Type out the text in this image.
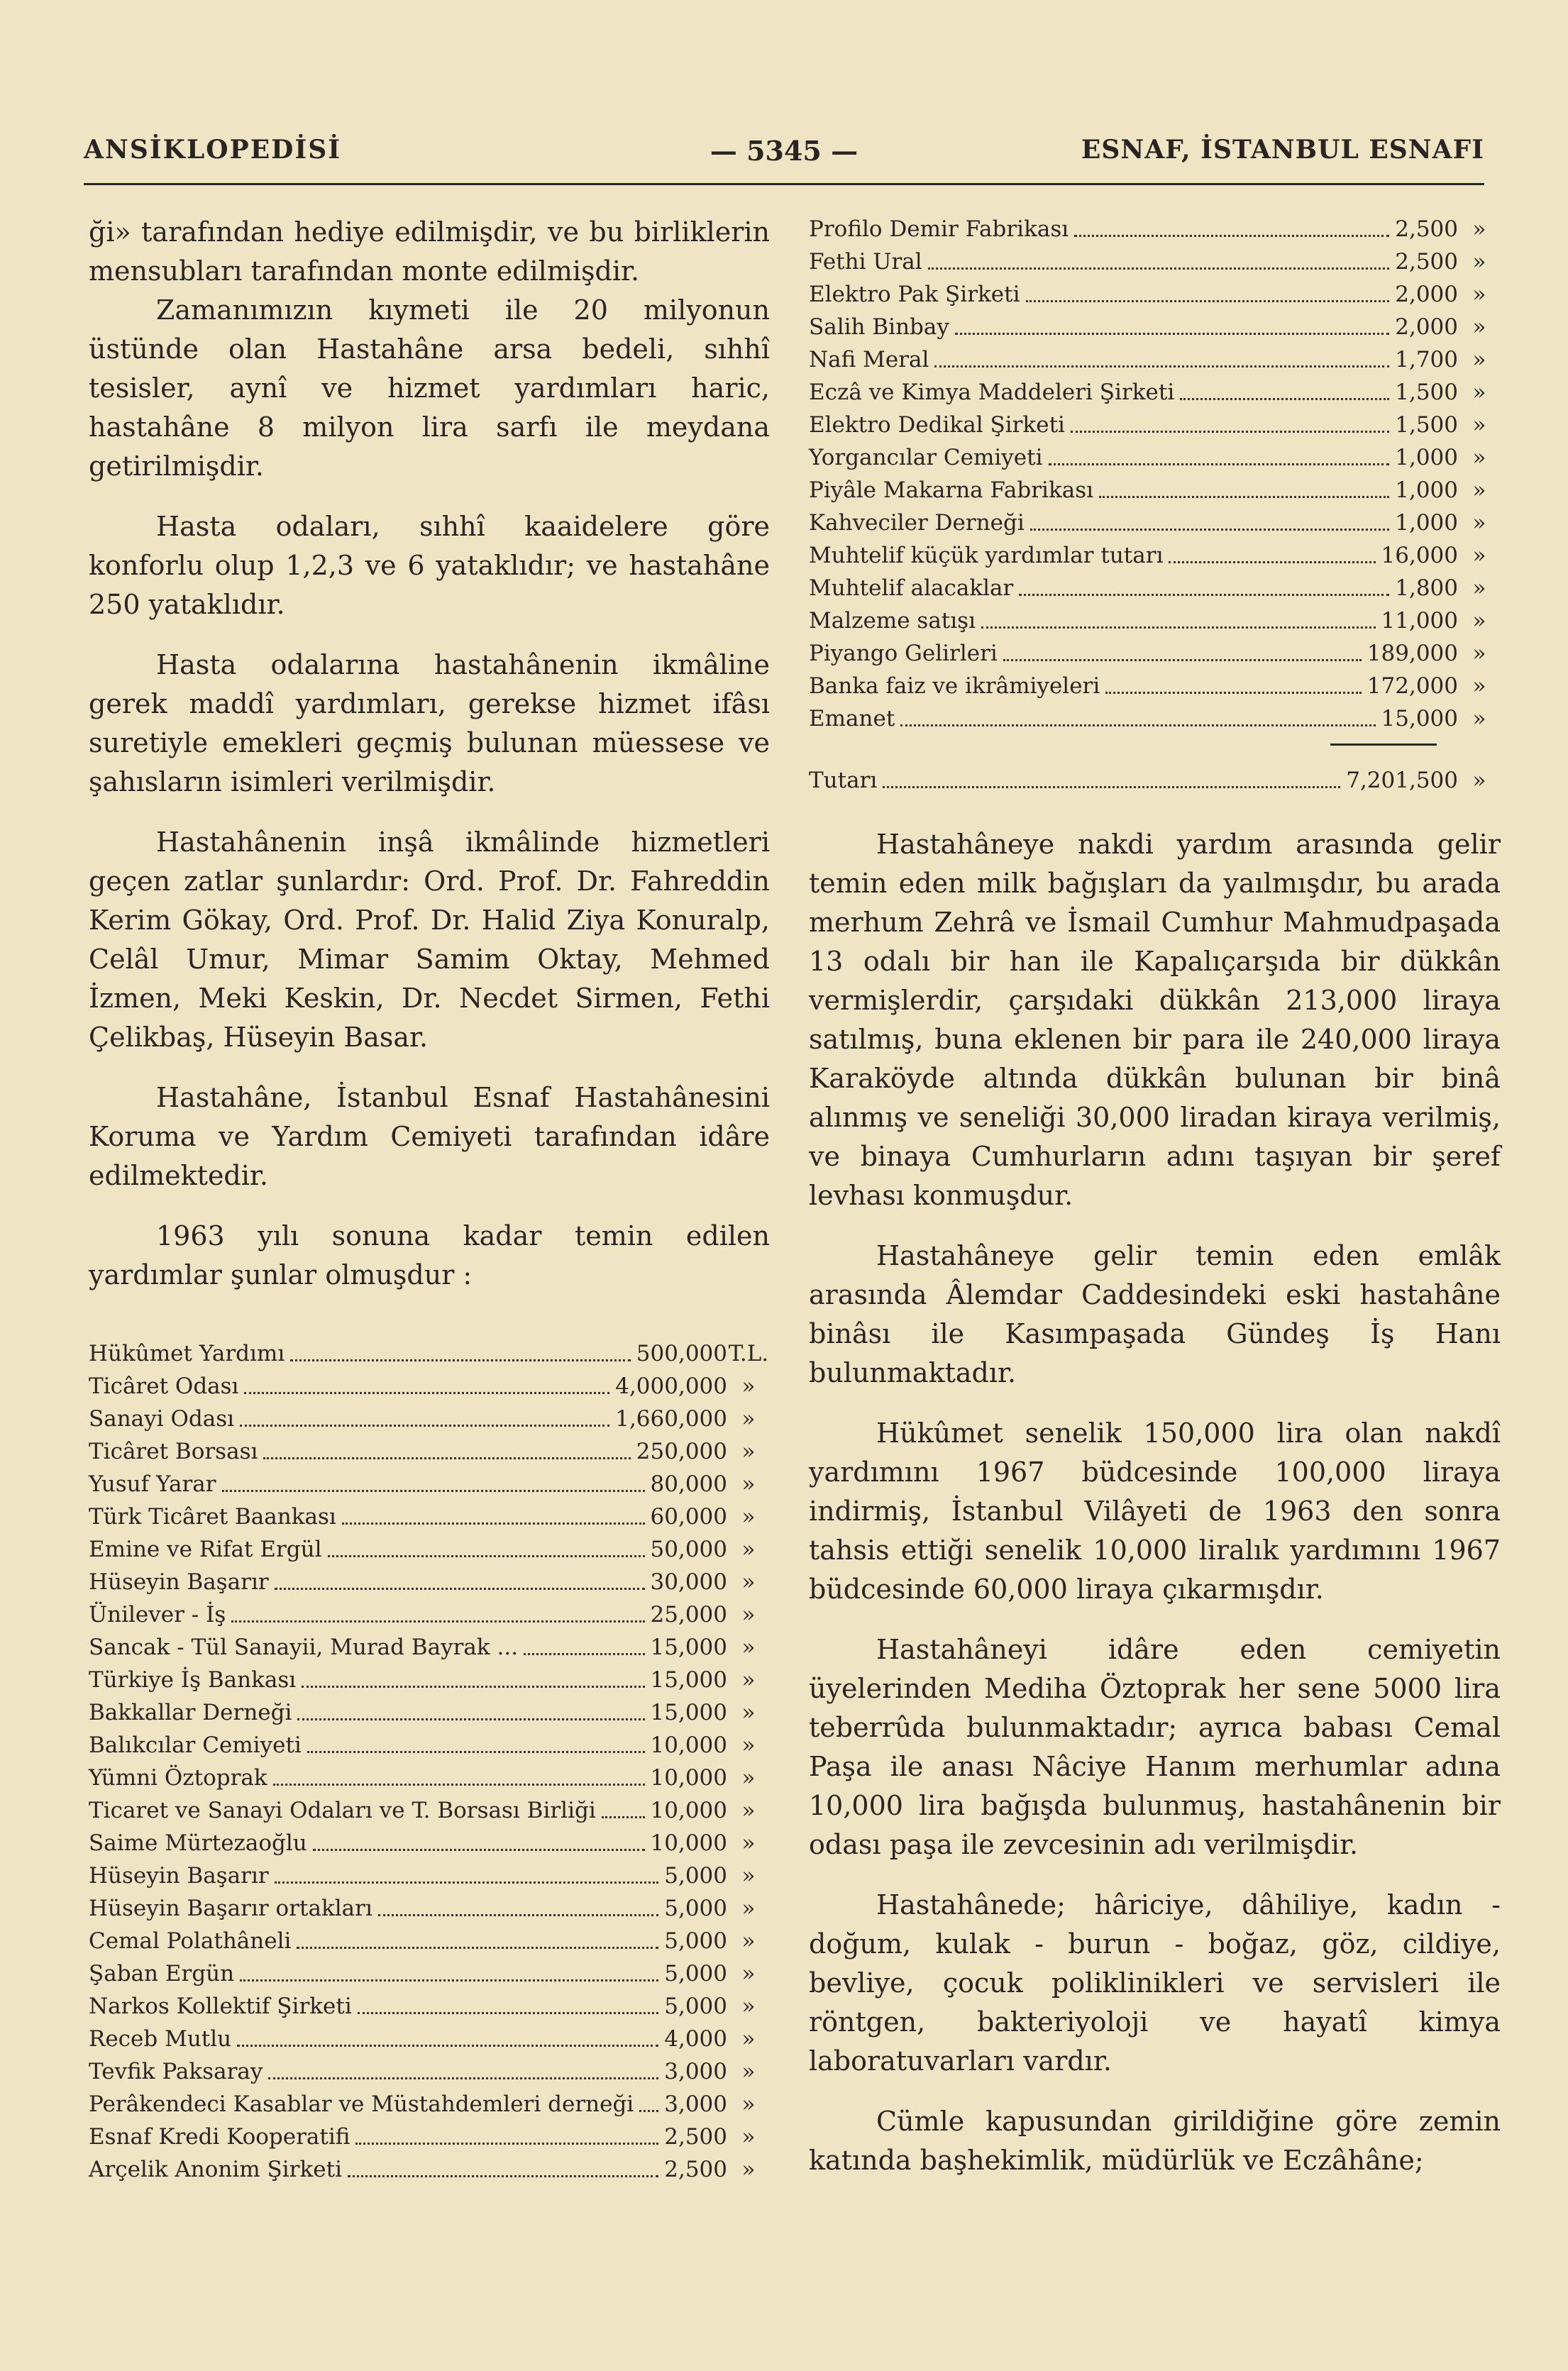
ANSİKLOPEDİSİ	— 5345 —	ESNAF, İSTANBUL ESNAFI

ği» tarafından hediye edilmişdir, ve bu birliklerin mensubları tarafından monte edilmişdir.

Zamanımızın kıymeti ile 20 milyonun üstünde olan Hastahâne arsa bedeli, sıhhî tesisler, aynî ve hizmet yardımları haric, hastahâne 8 milyon lira sarfı ile meydana getirilmişdir.

Hasta odaları, sıhhî kaaidelere göre konforlu olup 1,2,3 ve 6 yataklıdır; ve hastahâne 250 yataklıdır.

Hasta odalarına hastahânenin ikmâline gerek maddî yardımları, gerekse hizmet ifâsı suretiyle emekleri geçmiş bulunan müessese ve şahısların isimleri verilmişdir.

Hastahânenin inşâ ikmâlinde hizmetleri geçen zatlar şunlardır: Ord. Prof. Dr. Fahreddin Kerim Gökay, Ord. Prof. Dr. Halid Ziya Konuralp, Celâl Umur, Mimar Samim Oktay, Mehmed İzmen, Meki Keskin, Dr. Necdet Sirmen, Fethi Çelikbaş, Hüseyin Basar.

Hastahâne, İstanbul Esnaf Hastahânesini Koruma ve Yardım Cemiyeti tarafından idâre edilmektedir.

1963 yılı sonuna kadar temin edilen yardımlar şunlar olmuşdur :

Hükûmet Yardımı	500,000 T.L.
Ticâret Odası	4,000,000 »
Sanayi Odası	1,660,000 »
Ticâret Borsası	250,000 »
Yusuf Yarar	80,000 »
Türk Ticâret Baankası	60,000 »
Emine ve Rifat Ergül	50,000 »
Hüseyin Başarır	30,000 »
Ünilever - İş	25,000 »
Sancak - Tül Sanayii, Murad Bayrak ...	15,000 »
Türkiye İş Bankası	15,000 »
Bakkallar Derneği	15,000 »
Balıkcılar Cemiyeti	10,000 »
Yümni Öztoprak	10,000 »
Ticaret ve Sanayi Odaları ve T. Borsası Birliği 10,000 »
Saime Mürtezaoğlu	10,000 »
Hüseyin Başarır	5,000 »
Hüseyin Başarır ortakları	5,000 »
Cemal Polathâneli	5,000 »
Şaban Ergün	5,000 »
Narkos Kollektif Şirketi	5,000 »
Receb Mutlu	4,000 »
Tevfik Paksaray	3,000 »
Perâkendeci Kasablar ve Müstahdemleri derneği 3,000 »
Esnaf Kredi Kooperatifi	2,500 »
Arçelik Anonim Şirketi	2,500 »
Profilo Demir Fabrikası	2,500 »
Fethi Ural	2,500 »
Elektro Pak Şirketi	2,000 »
Salih Binbay	2,000 »
Nafi Meral	1,700 »
Eczâ ve Kimya Maddeleri Şirketi	1,500 »
Elektro Dedikal Şirketi	1,500 »
Yorgancılar Cemiyeti	1,000 »
Piyâle Makarna Fabrikası	1,000 »
Kahveciler Derneği	1,000 »
Muhtelif küçük yardımlar tutarı	16,000 »
Muhtelif alacaklar	1,800 »
Malzeme satışı	11,000 »
Piyango Gelirleri	189,000 »
Banka faiz ve ikrâmiyeleri	172,000 »
Emanet	15,000 »
Tutarı	7,201,500 »

Hastahâneye nakdi yardım arasında gelir temin eden milk bağışları da yaılmışdır, bu arada merhum Zehrâ ve İsmail Cumhur Mahmudpaşada 13 odalı bir han ile Kapalıçarşıda bir dükkân vermişlerdir, çarşıdaki dükkân 213,000 liraya satılmış, buna eklenen bir para ile 240,000 liraya Karaköyde altında dükkân bulunan bir binâ alınmış ve seneliği 30,000 liradan kiraya verilmiş, ve binaya Cumhurların adını taşıyan bir şeref levhası konmuşdur.

Hastahâneye gelir temin eden emlâk arasında Âlemdar Caddesindeki eski hastahâne binâsı ile Kasımpaşada Gündeş İş Hanı bulunmaktadır.

Hükûmet senelik 150,000 lira olan nakdî yardımını 1967 büdcesinde 100,000 liraya indirmiş, İstanbul Vilâyeti de 1963 den sonra tahsis ettiği senelik 10,000 liralık yardımını 1967 büdcesinde 60,000 liraya çıkarmışdır.

Hastahâneyi idâre eden cemiyetin üyelerinden Mediha Öztoprak her sene 5000 lira teberrûda bulunmaktadır; ayrıca babası Cemal Paşa ile anası Nâciye Hanım merhumlar adına 10,000 lira bağışda bulunmuş, hastahânenin bir odası paşa ile zevcesinin adı verilmişdir.

Hastahânede; hâriciye, dâhiliye, kadın - doğum, kulak - burun - boğaz, göz, cildiye, bevliye, çocuk poliklinikleri ve servisleri ile röntgen, bakteriyoloji ve hayatî kimya laboratuvarları vardır.

Cümle kapusundan girildiğine göre zemin katında başhekimlik, müdürlük ve Eczâhâne;
